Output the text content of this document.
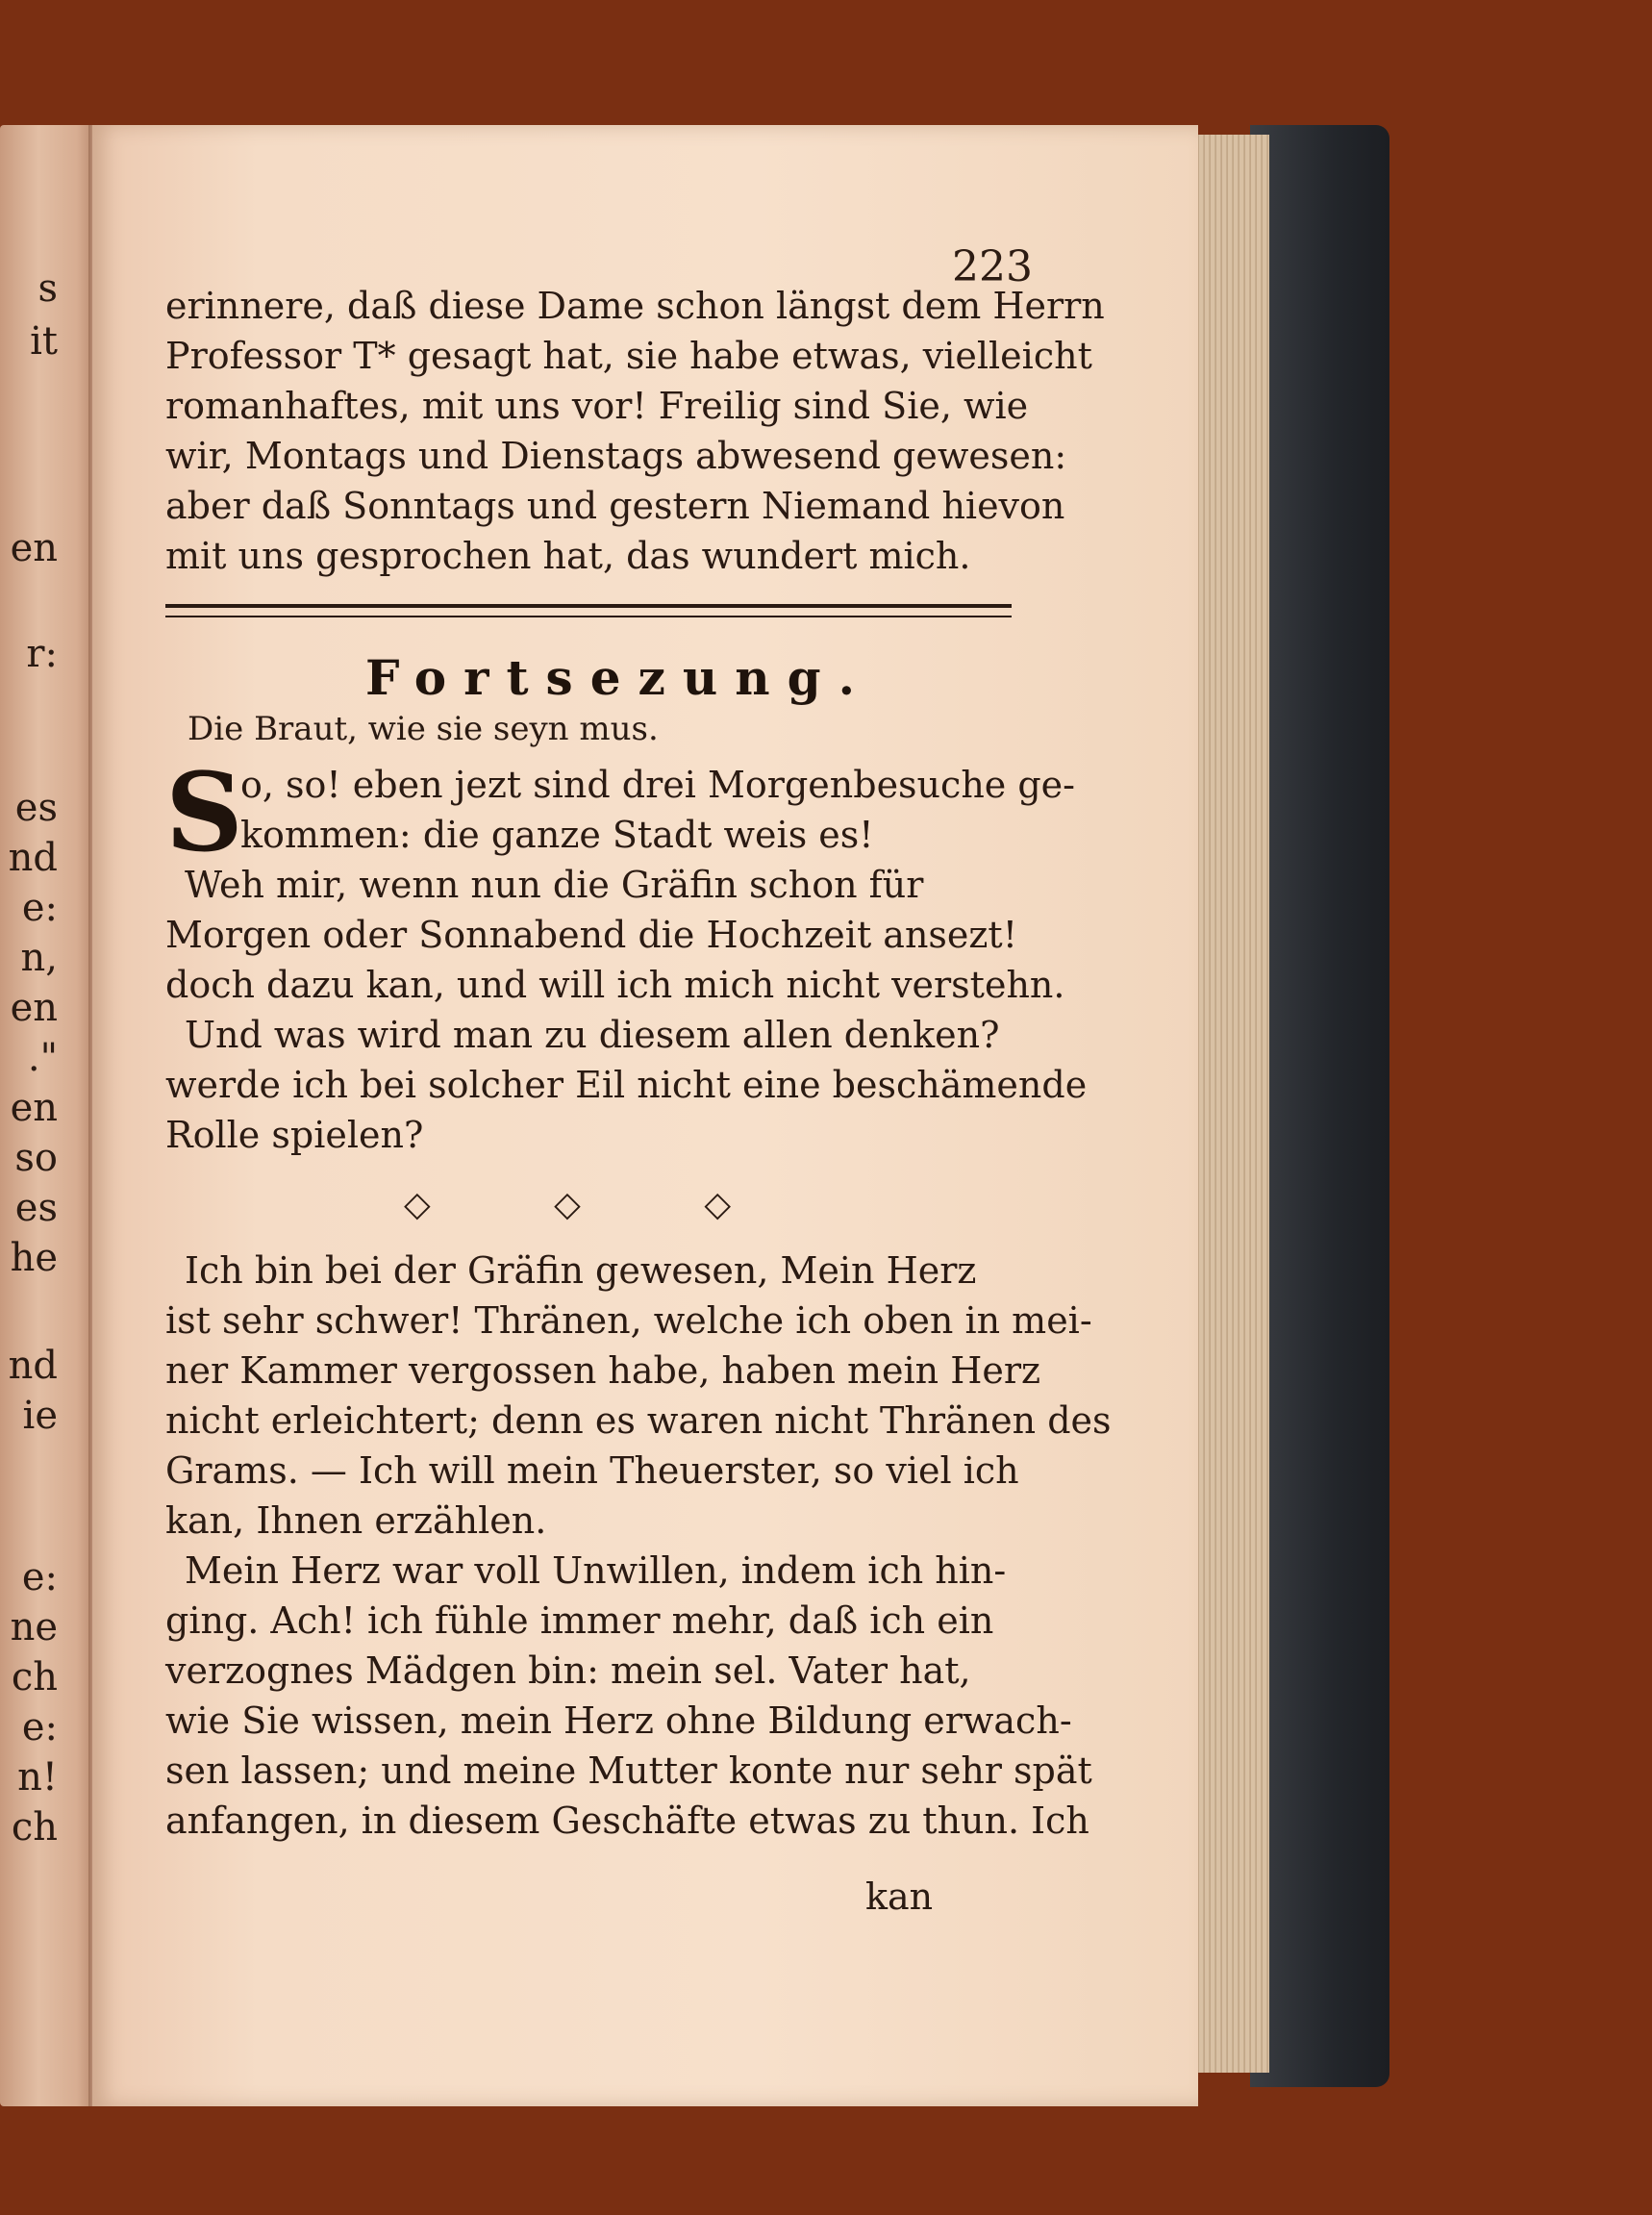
s
it
en
r:
es
nd
e:
n,
en
."
en
so
es
he
nd
ie
e:
ne
ch
e:
n!
ch

223

erinnere, daß diese Dame schon längst dem Herrn

Professor T* gesagt hat, sie habe etwas, vielleicht

romanhaftes, mit uns vor! Freilig sind Sie, wie

wir, Montags und Dienstags abwesend gewesen:

aber daß Sonntags und gestern Niemand hievon

mit uns gesprochen hat, das wundert mich.

Fortsezung.

Die Braut, wie sie seyn mus.

S

o, so! eben jezt sind drei Morgenbesuche ge-

kommen: die ganze Stadt weis es!

Weh mir, wenn nun die Gräfin schon für

Morgen oder Sonnabend die Hochzeit ansezt!

doch dazu kan, und will ich mich nicht verstehn.

Und was wird man zu diesem allen denken?

werde ich bei solcher Eil nicht eine beschämende

Rolle spielen?

◇	◇	◇

Ich bin bei der Gräfin gewesen, Mein Herz

ist sehr schwer! Thränen, welche ich oben in mei-

ner Kammer vergossen habe, haben mein Herz

nicht erleichtert; denn es waren nicht Thränen des

Grams. — Ich will mein Theuerster, so viel ich

kan, Ihnen erzählen.

Mein Herz war voll Unwillen, indem ich hin-

ging. Ach! ich fühle immer mehr, daß ich ein

verzognes Mädgen bin: mein sel. Vater hat,

wie Sie wissen, mein Herz ohne Bildung erwach-

sen lassen; und meine Mutter konte nur sehr spät

anfangen, in diesem Geschäfte etwas zu thun. Ich

kan
